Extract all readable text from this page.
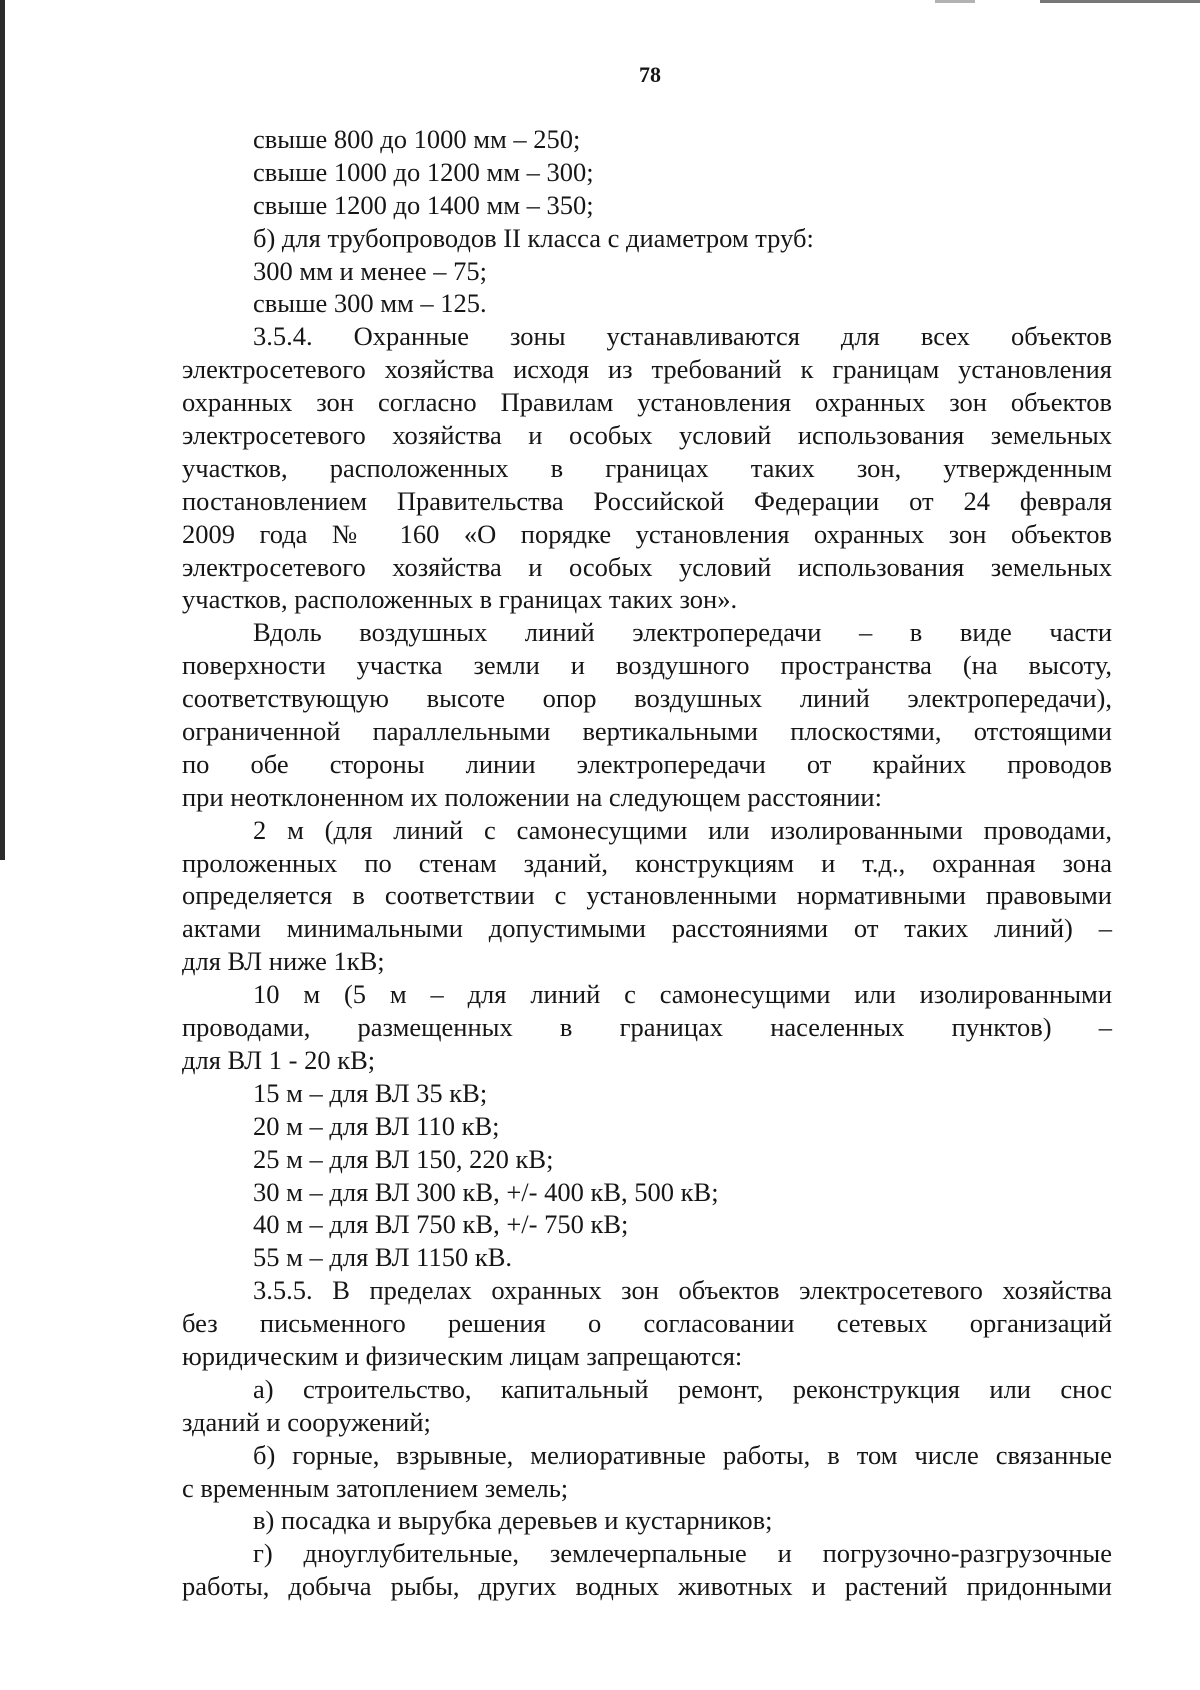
78
свыше 800 до 1000 мм – 250;
свыше 1000 до 1200 мм – 300;
свыше 1200 до 1400 мм – 350;
б) для трубопроводов II класса с диаметром труб:
300 мм и менее – 75;
свыше 300 мм – 125.
3.5.4. Охранные зоны устанавливаются для всех объектов
электросетевого хозяйства исходя из требований к границам установления
охранных зон согласно Правилам установления охранных зон объектов
электросетевого хозяйства и особых условий использования земельных
участков, расположенных в границах таких зон, утвержденным
постановлением Правительства Российской Федерации от 24 февраля
2009 года № 160 «О порядке установления охранных зон объектов
электросетевого хозяйства и особых условий использования земельных
участков, расположенных в границах таких зон».
Вдоль воздушных линий электропередачи – в виде части
поверхности участка земли и воздушного пространства (на высоту,
соответствующую высоте опор воздушных линий электропередачи),
ограниченной параллельными вертикальными плоскостями, отстоящими
по обе стороны линии электропередачи от крайних проводов
при неотклоненном их положении на следующем расстоянии:
2 м (для линий с самонесущими или изолированными проводами,
проложенных по стенам зданий, конструкциям и т.д., охранная зона
определяется в соответствии с установленными нормативными правовыми
актами минимальными допустимыми расстояниями от таких линий) –
для ВЛ ниже 1кВ;
10 м (5 м – для линий с самонесущими или изолированными
проводами, размещенных в границах населенных пунктов) –
для ВЛ 1 - 20 кВ;
15 м – для ВЛ 35 кВ;
20 м – для ВЛ 110 кВ;
25 м – для ВЛ 150, 220 кВ;
30 м – для ВЛ 300 кВ, +/- 400 кВ, 500 кВ;
40 м – для ВЛ 750 кВ, +/- 750 кВ;
55 м – для ВЛ 1150 кВ.
3.5.5. В пределах охранных зон объектов электросетевого хозяйства
без письменного решения о согласовании сетевых организаций
юридическим и физическим лицам запрещаются:
а) строительство, капитальный ремонт, реконструкция или снос
зданий и сооружений;
б) горные, взрывные, мелиоративные работы, в том числе связанные
с временным затоплением земель;
в) посадка и вырубка деревьев и кустарников;
г) дноуглубительные, землечерпальные и погрузочно-разгрузочные
работы, добыча рыбы, других водных животных и растений придонными
